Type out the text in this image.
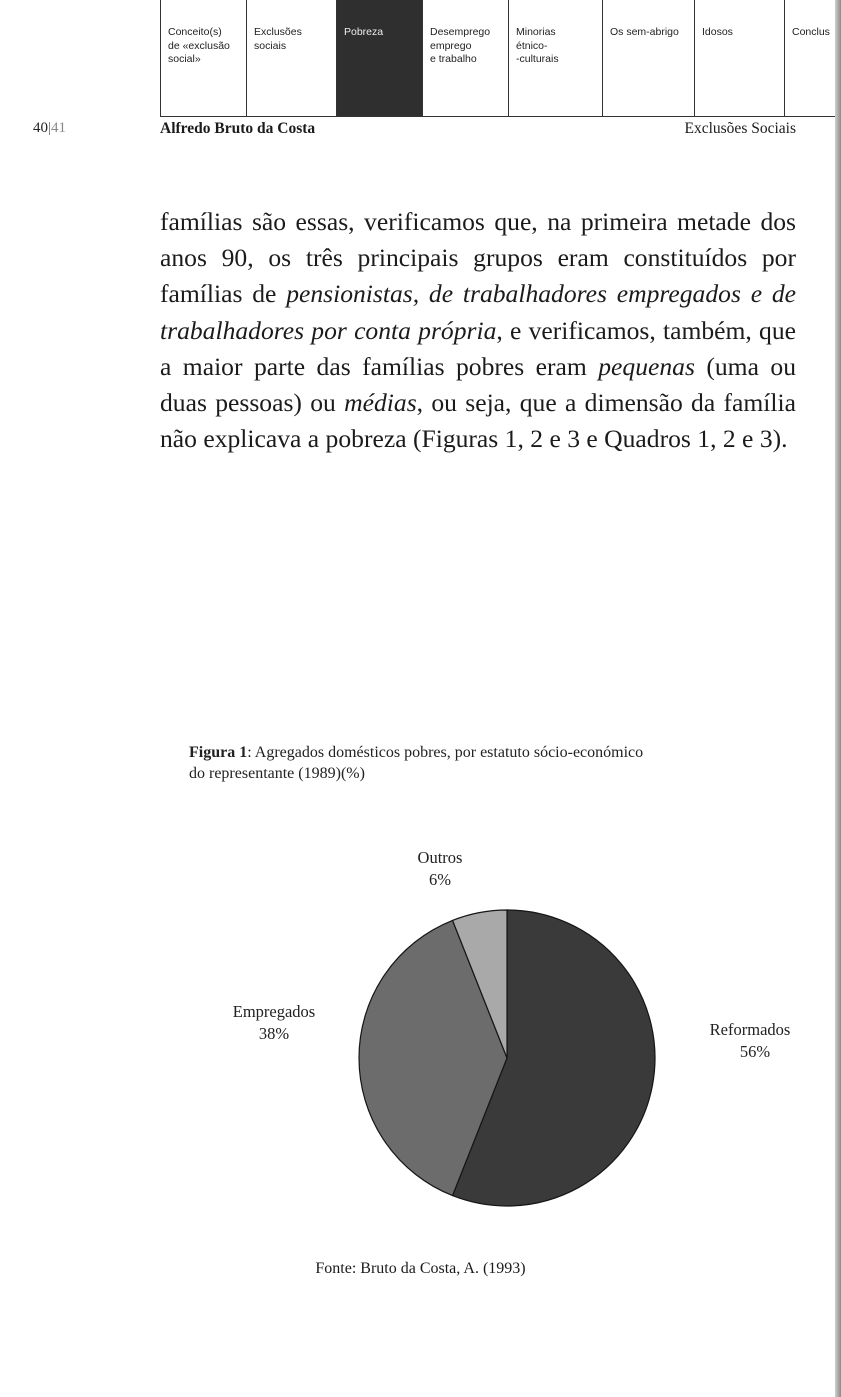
Conceito(s)
de «exclusão
social»
Exclusões
sociais
Pobreza	Desemprego
emprego
e trabalho
Minorias
étnico-
-culturais
Os sem-abrigo	Idosos	Conclus
40|41	Alfredo Bruto da Costa	Exclusões Sociais

famílias são essas, verificamos que, na primeira metade dos anos 90, os três principais grupos eram constituídos por famílias de pensionistas, de trabalhadores empregados e de trabalhadores por conta própria, e verificamos, também, que a maior parte das famílias pobres eram pequenas (uma ou duas pessoas) ou médias, ou seja, que a dimensão da família não explicava a pobreza (Figuras 1, 2 e 3 e Quadros 1, 2 e 3).

Figura 1: Agregados domésticos pobres, por estatuto sócio-económico do representante (1989)(%)
Outros
6%
Empregados
38%	Reformados
56%
Fonte: Bruto da Costa, A. (1993)
